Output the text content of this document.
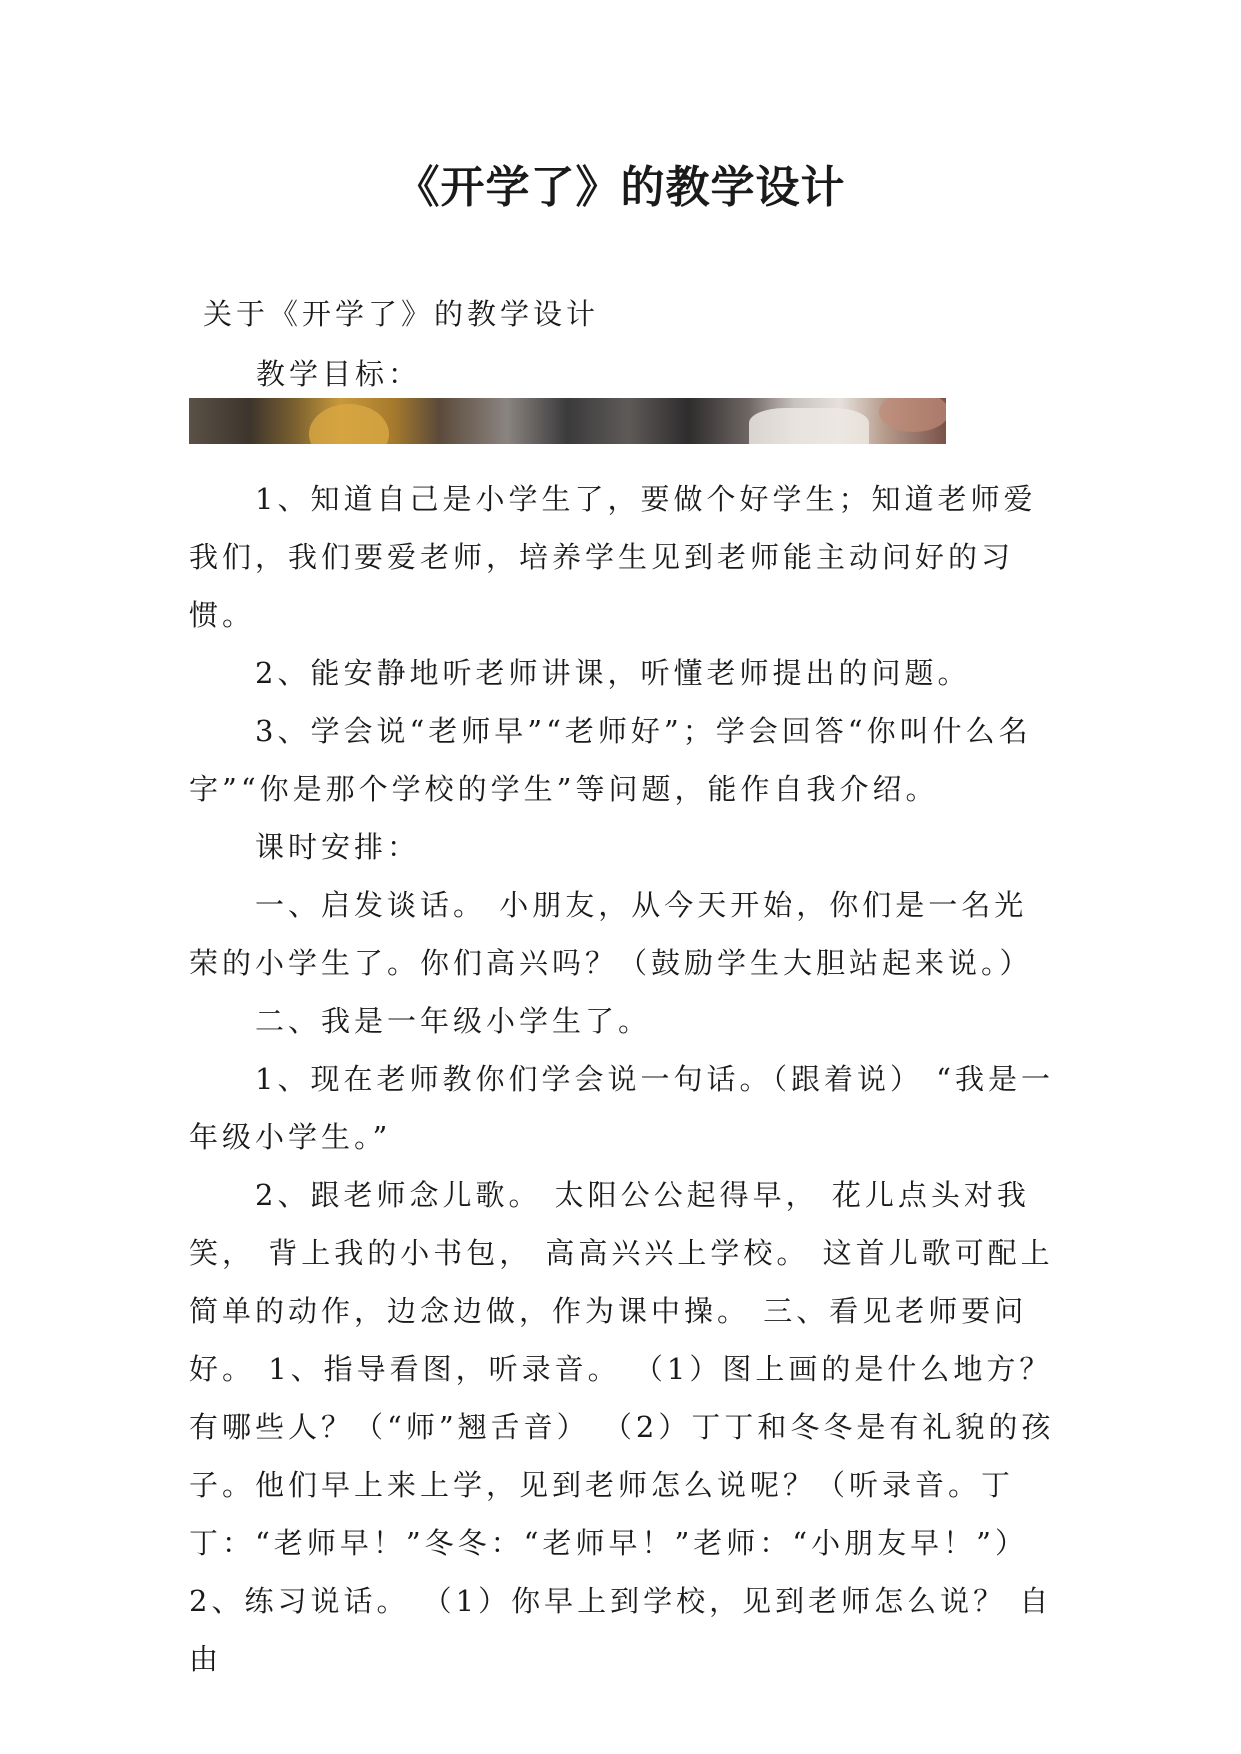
《开学了》的教学设计

关于《开学了》的教学设计

教学目标：

1、知道自己是小学生了，要做个好学生；知道老师爱我们，我们要爱老师，培养学生见到老师能主动问好的习惯。

2、能安静地听老师讲课，听懂老师提出的问题。

3、学会说“老师早”“老师好”；学会回答“你叫什么名字”“你是那个学校的学生”等问题，能作自我介绍。

课时安排：

一、启发谈话。 小朋友，从今天开始，你们是一名光荣的小学生了。你们高兴吗？（鼓励学生大胆站起来说。）

二、我是一年级小学生了。

1、现在老师教你们学会说一句话。（跟着说） “我是一年级小学生。”

2、跟老师念儿歌。 太阳公公起得早， 花儿点头对我笑， 背上我的小书包， 高高兴兴上学校。 这首儿歌可配上简单的动作，边念边做，作为课中操。 三、看见老师要问好。 1、指导看图，听录音。 （1）图上画的是什么地方？有哪些人？（“师”翘舌音） （2）丁丁和冬冬是有礼貌的孩子。他们早上来上学，见到老师怎么说呢？（听录音。丁丁：“老师早！”冬冬：“老师早！”老师：“小朋友早！”） 2、练习说话。 （1）你早上到学校，见到老师怎么说？ 自由
